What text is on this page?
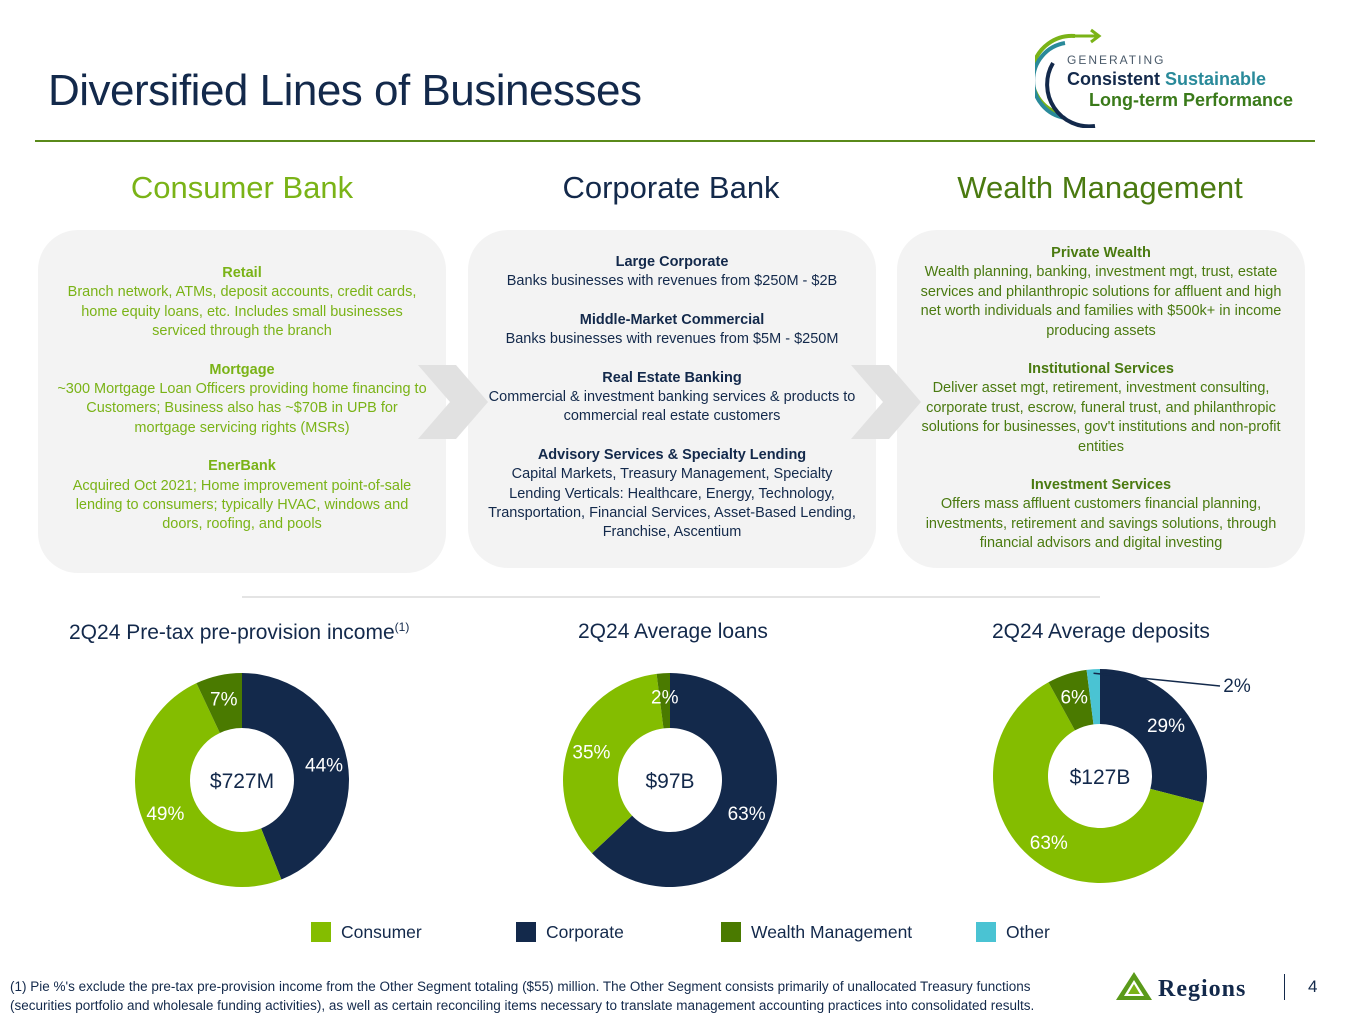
Diversified Lines of Businesses
GENERATING
Consistent Sustainable
Long-term Performance
Consumer Bank	Corporate Bank	Wealth Management
Retail
Branch network, ATMs, deposit accounts, credit cards, home equity loans, etc. Includes small businesses serviced through the branch
Mortgage
~300 Mortgage Loan Officers providing home financing to Customers; Business also has ~$70B in UPB for mortgage servicing rights (MSRs)
EnerBank
Acquired Oct 2021; Home improvement point-of-sale lending to consumers; typically HVAC, windows and doors, roofing, and pools
Large Corporate
Banks businesses with revenues from $250M - $2B
Middle-Market Commercial
Banks businesses with revenues from $5M - $250M
Real Estate Banking
Commercial & investment banking services & products to commercial real estate customers
Advisory Services & Specialty Lending
Capital Markets, Treasury Management, Specialty Lending Verticals: Healthcare, Energy, Technology, Transportation, Financial Services, Asset-Based Lending, Franchise, Ascentium
Private Wealth
Wealth planning, banking, investment mgt, trust, estate services and philanthropic solutions for affluent and high net worth individuals and families with $500k+ in income producing assets
Institutional Services
Deliver asset mgt, retirement, investment consulting, corporate trust, escrow, funeral trust, and philanthropic solutions for businesses, gov't institutions and non-profit entities
Investment Services
Offers mass affluent customers financial planning, investments, retirement and savings solutions, through financial advisors and digital investing
2Q24 Pre-tax pre-provision income$^{(1)}$	2Q24 Average loans	2Q24 Average deposits
44%
49%
7%
$727M
63%
35%
2%
$97B
29%
63%
6%
2%
$127B
Consumer	Corporate	Wealth Management	Other
(1) Pie %'s exclude the pre-tax pre-provision income from the Other Segment totaling ($55) million. The Other Segment consists primarily of unallocated Treasury functions
(securities portfolio and wholesale funding activities), as well as certain reconciling items necessary to translate management accounting practices into consolidated results.
Regions	4
